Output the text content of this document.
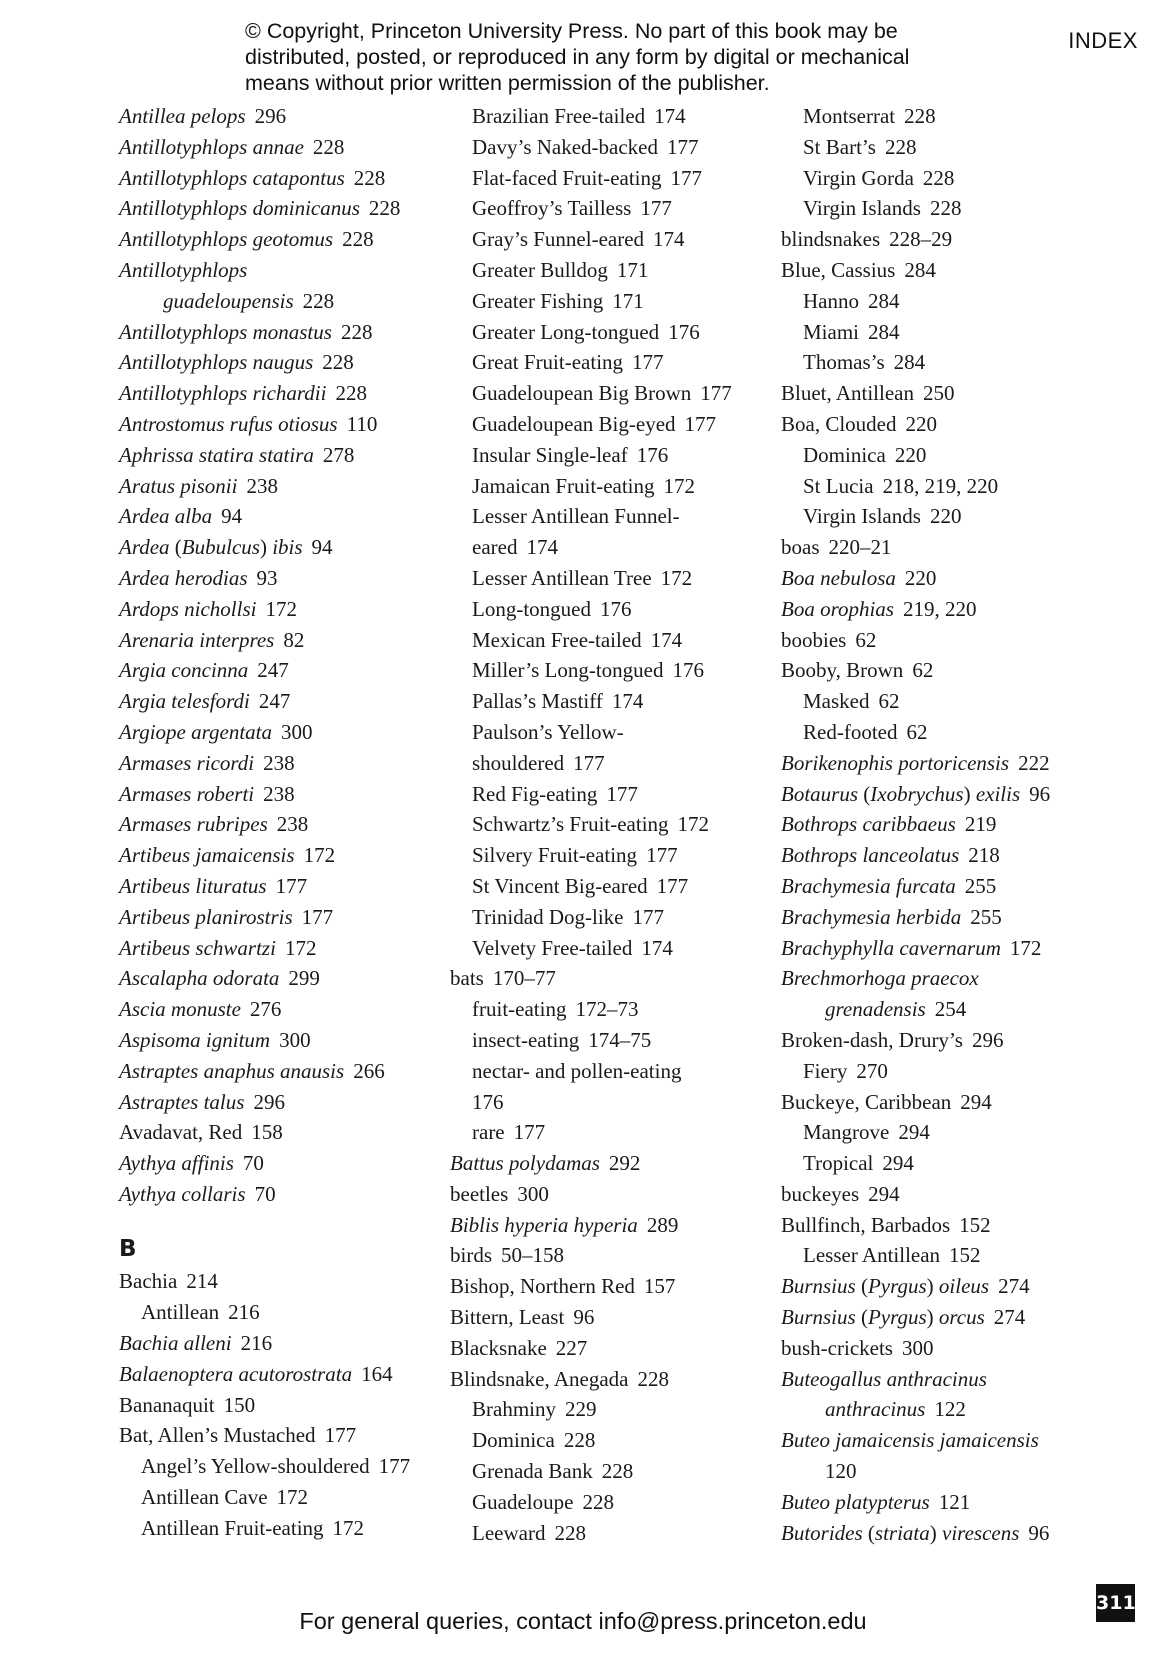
© Copyright, Princeton University Press. No part of this book may be distributed, posted, or reproduced in any form by digital or mechanical means without prior written permission of the publisher.
INDEX
Antillea pelops 296
Antillotyphlops annae 228
Antillotyphlops catapontus 228
Antillotyphlops dominicanus 228
Antillotyphlops geotomus 228
Antillotyphlops
guadeloupensis 228
Antillotyphlops monastus 228
Antillotyphlops naugus 228
Antillotyphlops richardii 228
Antrostomus rufus otiosus 110
Aphrissa statira statira 278
Aratus pisonii 238
Ardea alba 94
Ardea (Bubulcus) ibis 94
Ardea herodias 93
Ardops nichollsi 172
Arenaria interpres 82
Argia concinna 247
Argia telesfordi 247
Argiope argentata 300
Armases ricordi 238
Armases roberti 238
Armases rubripes 238
Artibeus jamaicensis 172
Artibeus lituratus 177
Artibeus planirostris 177
Artibeus schwartzi 172
Ascalapha odorata 299
Ascia monuste 276
Aspisoma ignitum 300
Astraptes anaphus anausis 266
Astraptes talus 296
Avadavat, Red 158
Aythya affinis 70
Aythya collaris 70
B
Bachia 214
Antillean 216
Bachia alleni 216
Balaenoptera acutorostrata 164
Bananaquit 150
Bat, Allen’s Mustached 177
Angel’s Yellow-shouldered 177
Antillean Cave 172
Antillean Fruit-eating 172
Brazilian Free-tailed 174
Davy’s Naked-backed 177
Flat-faced Fruit-eating 177
Geoffroy’s Tailless 177
Gray’s Funnel-eared 174
Greater Bulldog 171
Greater Fishing 171
Greater Long-tongued 176
Great Fruit-eating 177
Guadeloupean Big Brown 177
Guadeloupean Big-eyed 177
Insular Single-leaf 176
Jamaican Fruit-eating 172
Lesser Antillean Funnel-
eared 174
Lesser Antillean Tree 172
Long-tongued 176
Mexican Free-tailed 174
Miller’s Long-tongued 176
Pallas’s Mastiff 174
Paulson’s Yellow-
shouldered 177
Red Fig-eating 177
Schwartz’s Fruit-eating 172
Silvery Fruit-eating 177
St Vincent Big-eared 177
Trinidad Dog-like 177
Velvety Free-tailed 174
bats 170–77
fruit-eating 172–73
insect-eating 174–75
nectar- and pollen-eating
176
rare 177
Battus polydamas 292
beetles 300
Biblis hyperia hyperia 289
birds 50–158
Bishop, Northern Red 157
Bittern, Least 96
Blacksnake 227
Blindsnake, Anegada 228
Brahminy 229
Dominica 228
Grenada Bank 228
Guadeloupe 228
Leeward 228
Montserrat 228
St Bart’s 228
Virgin Gorda 228
Virgin Islands 228
blindsnakes 228–29
Blue, Cassius 284
Hanno 284
Miami 284
Thomas’s 284
Bluet, Antillean 250
Boa, Clouded 220
Dominica 220
St Lucia 218, 219, 220
Virgin Islands 220
boas 220–21
Boa nebulosa 220
Boa orophias 219, 220
boobies 62
Booby, Brown 62
Masked 62
Red-footed 62
Borikenophis portoricensis 222
Botaurus (Ixobrychus) exilis 96
Bothrops caribbaeus 219
Bothrops lanceolatus 218
Brachymesia furcata 255
Brachymesia herbida 255
Brachyphylla cavernarum 172
Brechmorhoga praecox
grenadensis 254
Broken-dash, Drury’s 296
Fiery 270
Buckeye, Caribbean 294
Mangrove 294
Tropical 294
buckeyes 294
Bullfinch, Barbados 152
Lesser Antillean 152
Burnsius (Pyrgus) oileus 274
Burnsius (Pyrgus) orcus 274
bush-crickets 300
Buteogallus anthracinus
anthracinus 122
Buteo jamaicensis jamaicensis
120
Buteo platypterus 121
Butorides (striata) virescens 96
311
For general queries, contact info@press.princeton.edu
